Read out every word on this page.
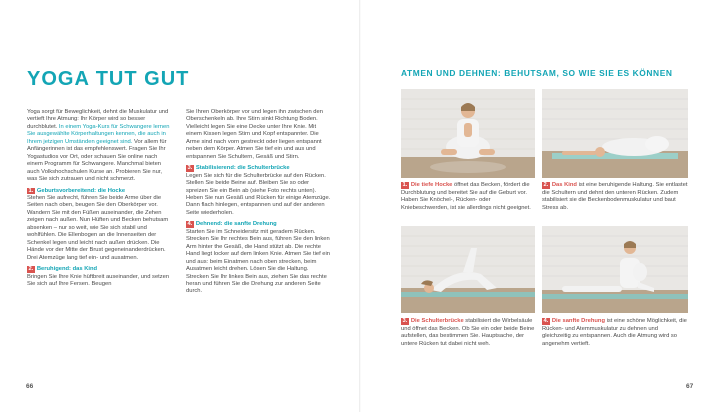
YOGA TUT GUT

Yoga sorgt für Beweglichkeit, dehnt die Muskulatur und vertieft Ihre Atmung: Ihr Körper wird so besser durchblutet. In einem Yoga-Kurs für Schwangere lernen Sie ausgewählte Körperhaltungen kennen, die auch in Ihrem jetzigen Umständen geeignet sind. Vor allem für Anfängerinnen ist das empfehlenswert. Fragen Sie Ihr Yogastudios vor Ort, oder schauen Sie online nach einem Programm für Schwangere. Manchmal bieten auch Volkshochschulen Kurse an. Probieren Sie nur, was Sie sich zutrauen und nicht schmerzt.

1. Geburtsvorbereitend: die Hocke

Stehen Sie aufrecht, führen Sie beide Arme über die Seiten nach oben, beugen Sie den Oberkörper vor. Wandern Sie mit den Füßen auseinander, die Zehen zeigen nach außen. Nun Hüften und Becken behutsam absenken – nur so weit, wie Sie sich stabil und wohlfühlen. Die Ellenbogen an die Innenseiten der Schenkel legen und leicht nach außen drücken. Die Hände vor der Mitte der Brust gegeneinanderdrücken. Drei Atemzüge lang tief ein- und ausatmen.

2. Beruhigend: das Kind

Bringen Sie Ihre Knie hüftbreit auseinander, und setzen Sie sich auf Ihre Fersen. Beugen

Sie Ihren Oberkörper vor und legen ihn zwischen den Oberschenkeln ab. Ihre Stirn sinkt Richtung Boden. Vielleicht legen Sie eine Decke unter Ihre Knie. Mit einem Kissen legen Stirn und Kopf entspannter. Die Arme sind nach vorn gestreckt oder liegen entspannt neben dem Körper. Atmen Sie tief ein und aus und entspannen Sie Schultern, Gesäß und Stirn.

3. Stabilisierend: die Schulterbrücke

Legen Sie sich für die Schulterbrücke auf den Rücken. Stellen Sie beide Beine auf. Bleiben Sie so oder spreizen Sie ein Bein ab (siehe Foto rechts unten). Heben Sie nun Gesäß und Rücken für einige Atemzüge. Dann flach hinlegen, entspannen und auf der anderen Seite wiederholen.

4. Dehnend: die sanfte Drehung

Starten Sie im Schneidersitz mit geradem Rücken. Strecken Sie Ihr rechtes Bein aus, führen Sie den linken Arm hinter the Gesäß, die Hand stützt ab. Die rechte Hand liegt locker auf dem linken Knie. Atmen Sie tief ein und aus: beim Einatmen nach oben strecken, beim Ausatmen leicht drehen. Lösen Sie die Haltung. Strecken Sie Ihr linkes Bein aus, ziehen Sie das rechte heran und führen Sie die Drehung zur anderen Seite durch.

66
ATMEN UND DEHNEN: BEHUTSAM, SO WIE SIE ES KÖNNEN

1. Die tiefe Hocke öffnet das Becken, fördert die Durchblutung und bereitet Sie auf die Geburt vor. Haben Sie Knöchel-, Rücken- oder Kniebeschwerden, ist sie allerdings nicht geeignet.

2. Das Kind ist eine beruhigende Haltung. Sie entlastet die Schultern und dehnt den unteren Rücken. Zudem stabilisiert sie die Beckenbodenmuskulatur und baut Stress ab.

3. Die Schulterbrücke stabilisiert die Wirbelsäule und öffnet das Becken. Ob Sie ein oder beide Beine aufstellen, das bestimmen Sie. Hauptsache, der untere Rücken tut dabei nicht weh.

4. Die sanfte Drehung ist eine schöne Möglichkeit, die Rücken- und Atemmuskulatur zu dehnen und gleichzeitig zu entspannen. Auch die Atmung wird so angenehm vertieft.

67
